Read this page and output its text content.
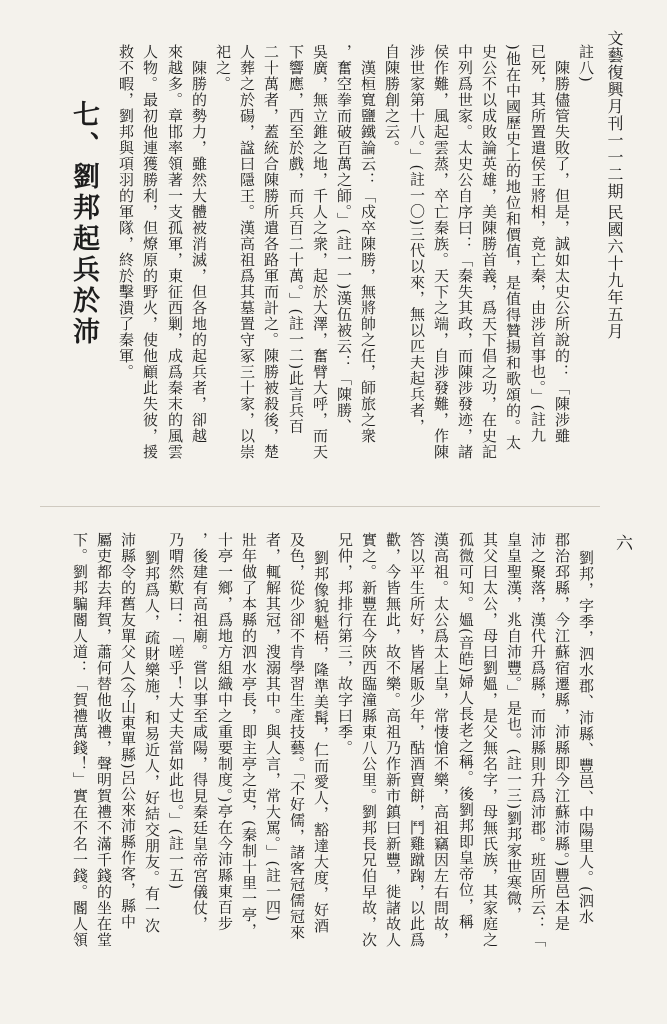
文藝復興月刊一一二期
民國六十九年五月
六
七、劉邦起兵於沛
註八)
陳勝儘管失敗了，但是，誠如太史公所說的：「陳涉雖
已死，其所置遣侯王將相，竟亡秦，由涉首事也。」(註九
)他在中國歷史上的地位和價值，是值得贊揚和歌頌的。太
史公不以成敗論英雄，美陳勝首義，爲天下倡之功，在史記
中列爲世家。太史公自序曰：「秦失其政，而陳涉發迹，諸
侯作難，風起雲蒸，卒亡秦族。天下之端，自涉發難，作陳
涉世家第十八。」(註一〇)三代以來，無以匹夫起兵者，
自陳勝創之云。
漢桓寬鹽鐵論云：「戍卒陳勝，無將帥之任，師旅之衆
，奮空拳而破百萬之師。」(註一一)漢伍被云：「陳勝、
吳廣，無立錐之地，千人之衆，起於大澤，奮臂大呼，而天
下響應，西至於戲，而兵百二十萬。」(註一二)此言兵百
二十萬者，蓋統合陳勝所遣各路軍而計之。陳勝被殺後，楚
人葬之於碭，諡曰隱王。漢高祖爲其墓置守冢三十家，以崇
祀之。
陳勝的勢力，雖然大體被消滅，但各地的起兵者，卻越
來越多。章邯率領著一支孤軍，東征西剿，成爲秦末的風雲
人物。最初他連獲勝利，但燎原的野火，使他顧此失彼，援
救不暇，劉邦與項羽的軍隊，終於擊潰了秦軍。
劉邦，字季，泗水郡、沛縣、豐邑、中陽里人。(泗水
郡治邳縣，今江蘇宿遷縣，沛縣即今江蘇沛縣。)豐邑本是
沛之聚落，漢代升爲縣，而沛縣則升爲沛郡。班固所云：「
皇皇聖漢，兆自沛豐。」是也。(註一三)劉邦家世寒微，
其父曰太公，母曰劉媼，是父無名字，母無氏族，其家庭之
孤微可知。媼(音皓)婦人長老之稱。後劉邦即皇帝位，稱
漢高祖。太公爲太上皇，常悽愴不樂，高祖竊因左右問故，
答以平生所好，皆屠販少年，酤酒賣餅，鬥雞蹴踘，以此爲
歡，今皆無此，故不樂。高祖乃作新市鎮曰新豐，徙諸故人
實之。新豐在今陝西臨潼縣東八公里。劉邦長兄伯早故，次
兄仲，邦排行第三，故字曰季。
劉邦像貌魁梧，隆準美髯，仁而愛人，豁達大度，好酒
及色，從少卻不肯學習生產技藝。「不好儒，諸客冠儒冠來
者，輒解其冠，溲溺其中。與人言，常大罵。」(註一四)
壯年做了本縣的泗水亭長，即主亭之吏，(秦制十里一亭，
十亭一鄉，爲地方組織中之重要制度。)亭在今沛縣東百步
，後建有高祖廟。嘗以事至咸陽，得見秦廷皇帝宮儀仗，
乃喟然歎曰：「嗟乎！大丈夫當如此也。」(註一五)
劉邦爲人，疏財樂施，和易近人，好結交朋友。有一次
沛縣令的舊友單父人(今山東單縣)呂公來沛縣作客，縣中
屬吏都去拜賀，蕭何替他收禮，聲明賀禮不滿千錢的坐在堂
下。劉邦騙閽人道：「賀禮萬錢！」實在不名一錢。閽人領
